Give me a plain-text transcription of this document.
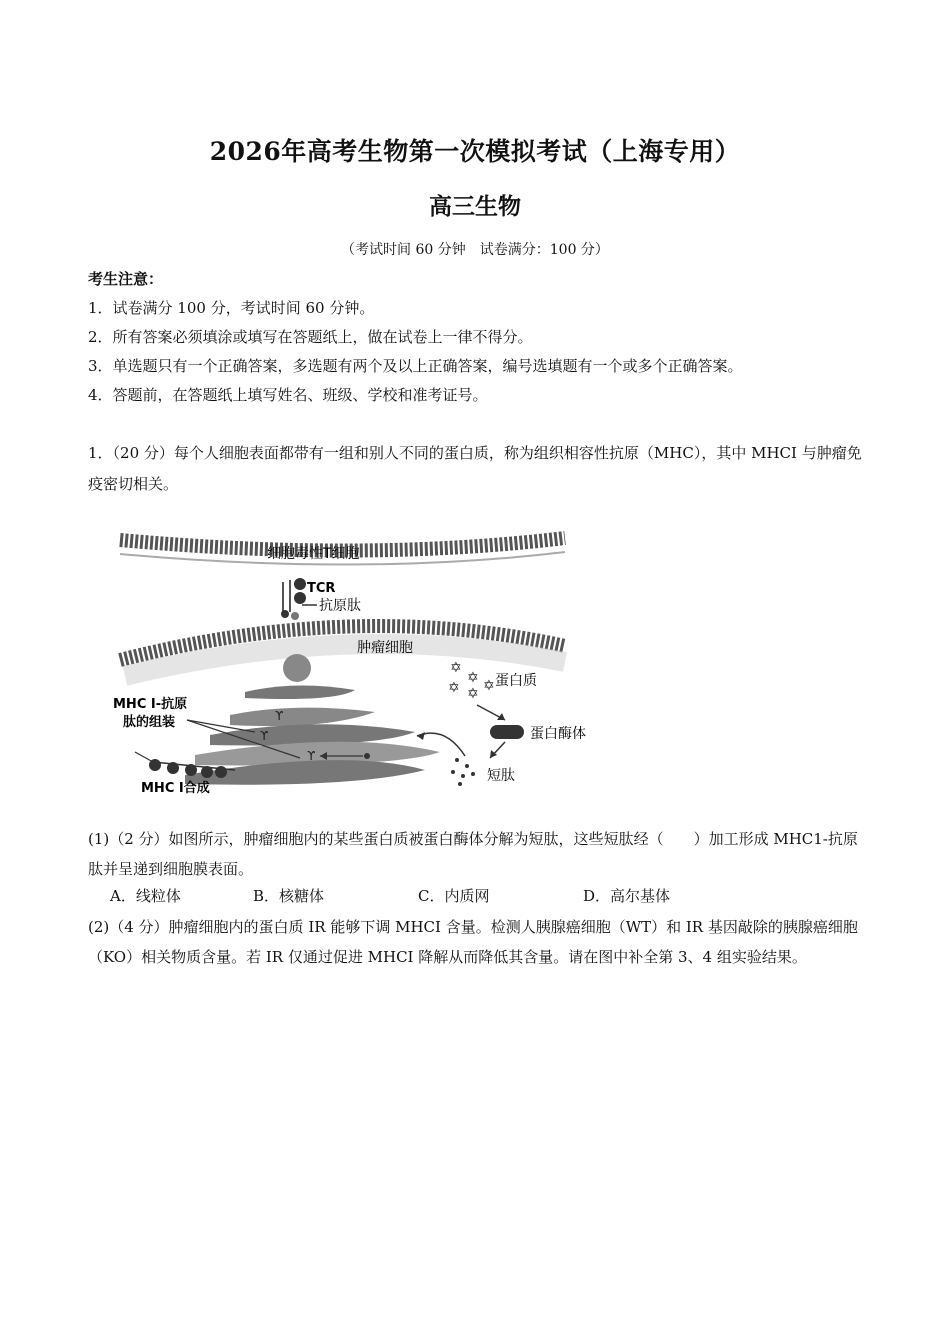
2026年高考生物第一次模拟考试（上海专用）
高三生物
（考试时间 60 分钟　试卷满分：100 分）
考生注意：
1．试卷满分 100 分，考试时间 60 分钟。
2．所有答案必须填涂或填写在答题纸上，做在试卷上一律不得分。
3．单选题只有一个正确答案，多选题有两个及以上正确答案，编号选填题有一个或多个正确答案。
4．答题前，在答题纸上填写姓名、班级、学校和准考证号。
1．（20 分）每个人细胞表面都带有一组和别人不同的蛋白质，称为组织相容性抗原（MHC），其中 MHCI 与肿瘤免疫密切相关。
细胞毒性T细胞
TCR
抗原肽
肿瘤细胞
✡
✡
✡ ✡ ✡ 蛋白质
蛋白酶体
短肽
ϒ
ϒ
ϒ
MHC I-抗原
肽的组装
MHC I合成
(1)（2 分）如图所示，肿瘤细胞内的某些蛋白质被蛋白酶体分解为短肽，这些短肽经（　　）加工形成 MHC1-抗原肽并呈递到细胞膜表面。
A．线粒体	B．核糖体	C．内质网	D．高尔基体
(2)（4 分）肿瘤细胞内的蛋白质 IR 能够下调 MHCI 含量。检测人胰腺癌细胞（WT）和 IR 基因敲除的胰腺癌细胞（KO）相关物质含量。若 IR 仅通过促进 MHCI 降解从而降低其含量。请在图中补全第 3、4 组实验结果。
